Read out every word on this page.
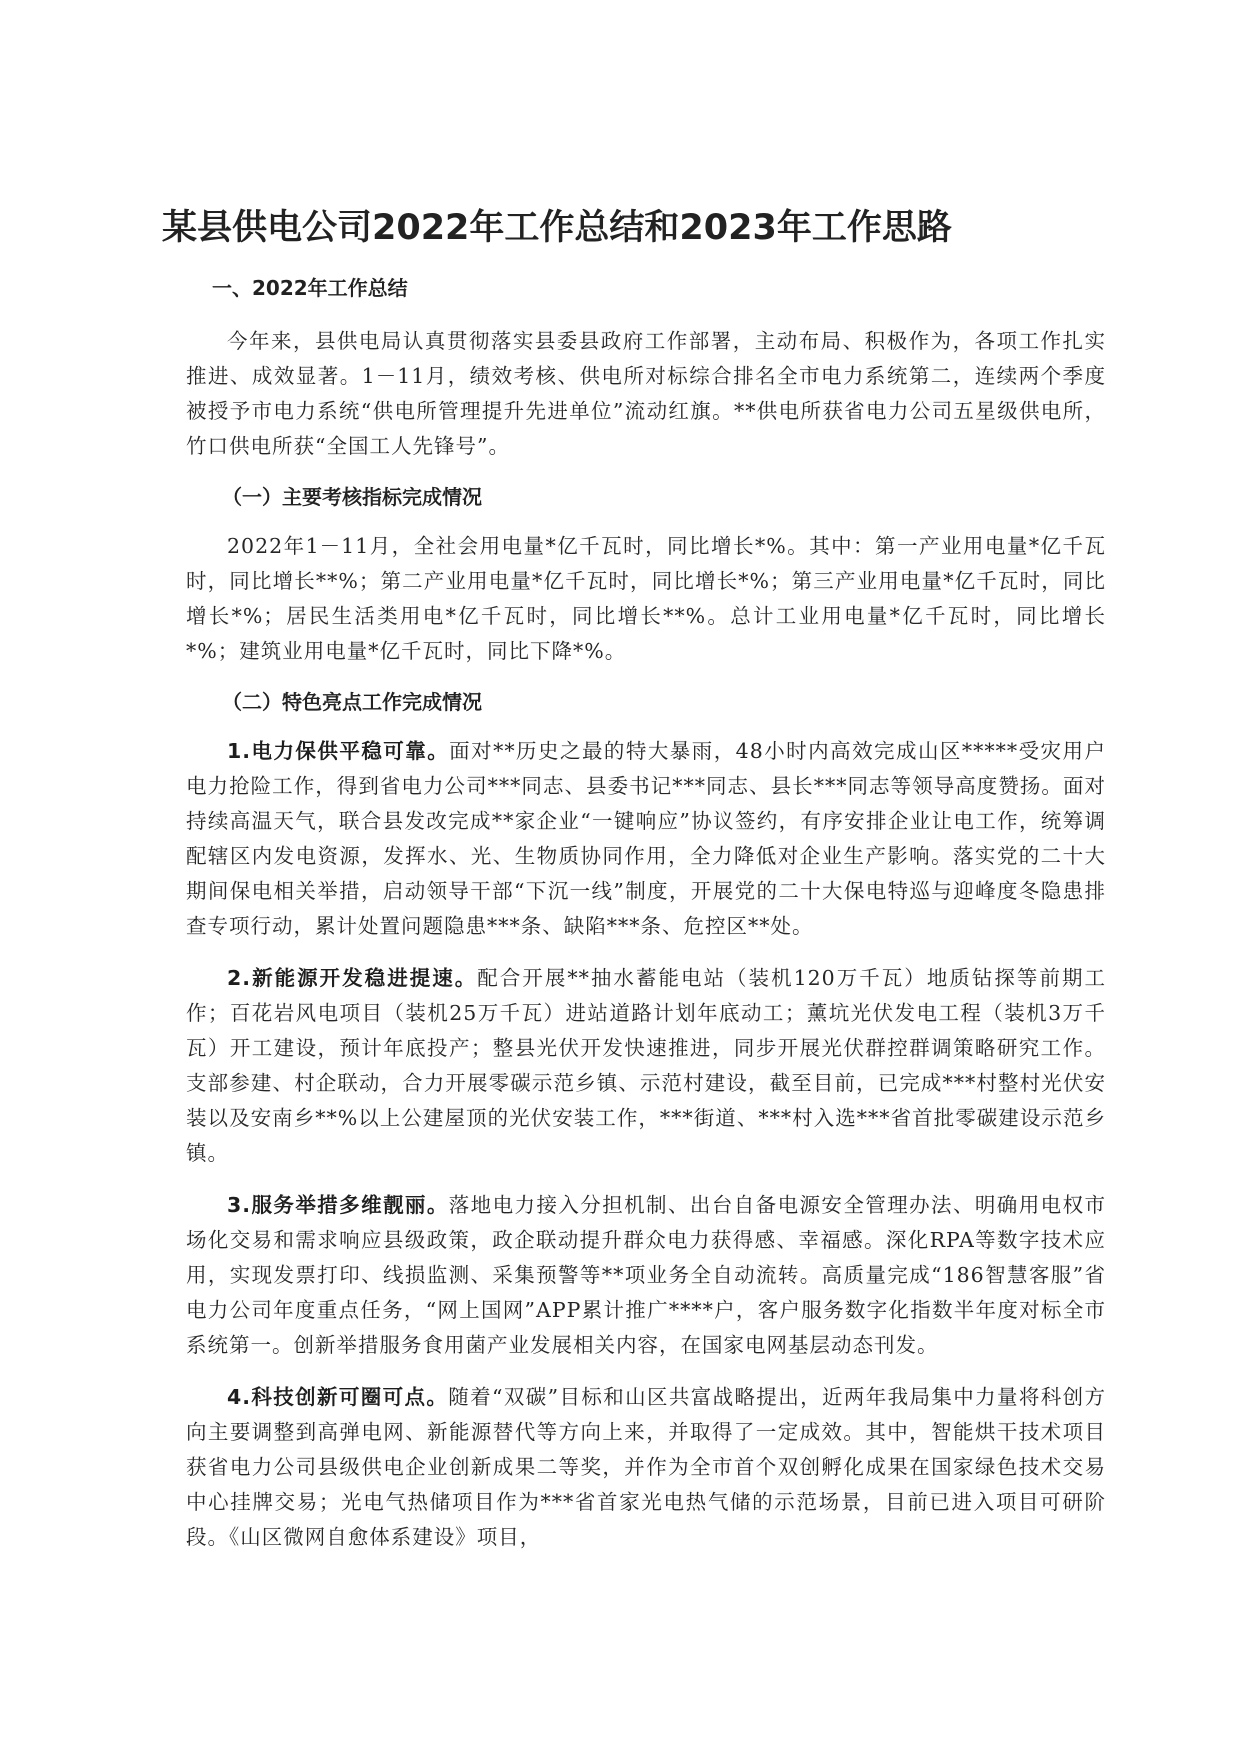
某县供电公司2022年工作总结和2023年工作思路
一、2022年工作总结

今年来，县供电局认真贯彻落实县委县政府工作部署，主动布局、积极作为，各项工作扎实推进、成效显著。1－11月，绩效考核、供电所对标综合排名全市电力系统第二，连续两个季度被授予市电力系统“供电所管理提升先进单位”流动红旗。**供电所获省电力公司五星级供电所，竹口供电所获“全国工人先锋号”。

（一）主要考核指标完成情况

2022年1－11月，全社会用电量*亿千瓦时，同比增长*%。其中：第一产业用电量*亿千瓦时，同比增长**%；第二产业用电量*亿千瓦时，同比增长*%；第三产业用电量*亿千瓦时，同比增长*%；居民生活类用电*亿千瓦时，同比增长**%。总计工业用电量*亿千瓦时，同比增长*%；建筑业用电量*亿千瓦时，同比下降*%。

（二）特色亮点工作完成情况

1.电力保供平稳可靠。面对**历史之最的特大暴雨，48小时内高效完成山区*****受灾用户电力抢险工作，得到省电力公司***同志、县委书记***同志、县长***同志等领导高度赞扬。面对持续高温天气，联合县发改完成**家企业“一键响应”协议签约，有序安排企业让电工作，统筹调配辖区内发电资源，发挥水、光、生物质协同作用，全力降低对企业生产影响。落实党的二十大期间保电相关举措，启动领导干部“下沉一线”制度，开展党的二十大保电特巡与迎峰度冬隐患排查专项行动，累计处置问题隐患***条、缺陷***条、危控区**处。

2.新能源开发稳进提速。配合开展**抽水蓄能电站（装机120万千瓦）地质钻探等前期工作；百花岩风电项目（装机25万千瓦）进站道路计划年底动工；薰坑光伏发电工程（装机3万千瓦）开工建设，预计年底投产；整县光伏开发快速推进，同步开展光伏群控群调策略研究工作。支部参建、村企联动，合力开展零碳示范乡镇、示范村建设，截至目前，已完成***村整村光伏安装以及安南乡**%以上公建屋顶的光伏安装工作，***街道、***村入选***省首批零碳建设示范乡镇。

3.服务举措多维靓丽。落地电力接入分担机制、出台自备电源安全管理办法、明确用电权市场化交易和需求响应县级政策，政企联动提升群众电力获得感、幸福感。深化RPA等数字技术应用，实现发票打印、线损监测、采集预警等**项业务全自动流转。高质量完成“186智慧客服”省电力公司年度重点任务，“网上国网”APP累计推广****户，客户服务数字化指数半年度对标全市系统第一。创新举措服务食用菌产业发展相关内容，在国家电网基层动态刊发。

4.科技创新可圈可点。随着“双碳”目标和山区共富战略提出，近两年我局集中力量将科创方向主要调整到高弹电网、新能源替代等方向上来，并取得了一定成效。其中，智能烘干技术项目获省电力公司县级供电企业创新成果二等奖，并作为全市首个双创孵化成果在国家绿色技术交易中心挂牌交易；光电气热储项目作为***省首家光电热气储的示范场景，目前已进入项目可研阶段。《山区微网自愈体系建设》项目，
